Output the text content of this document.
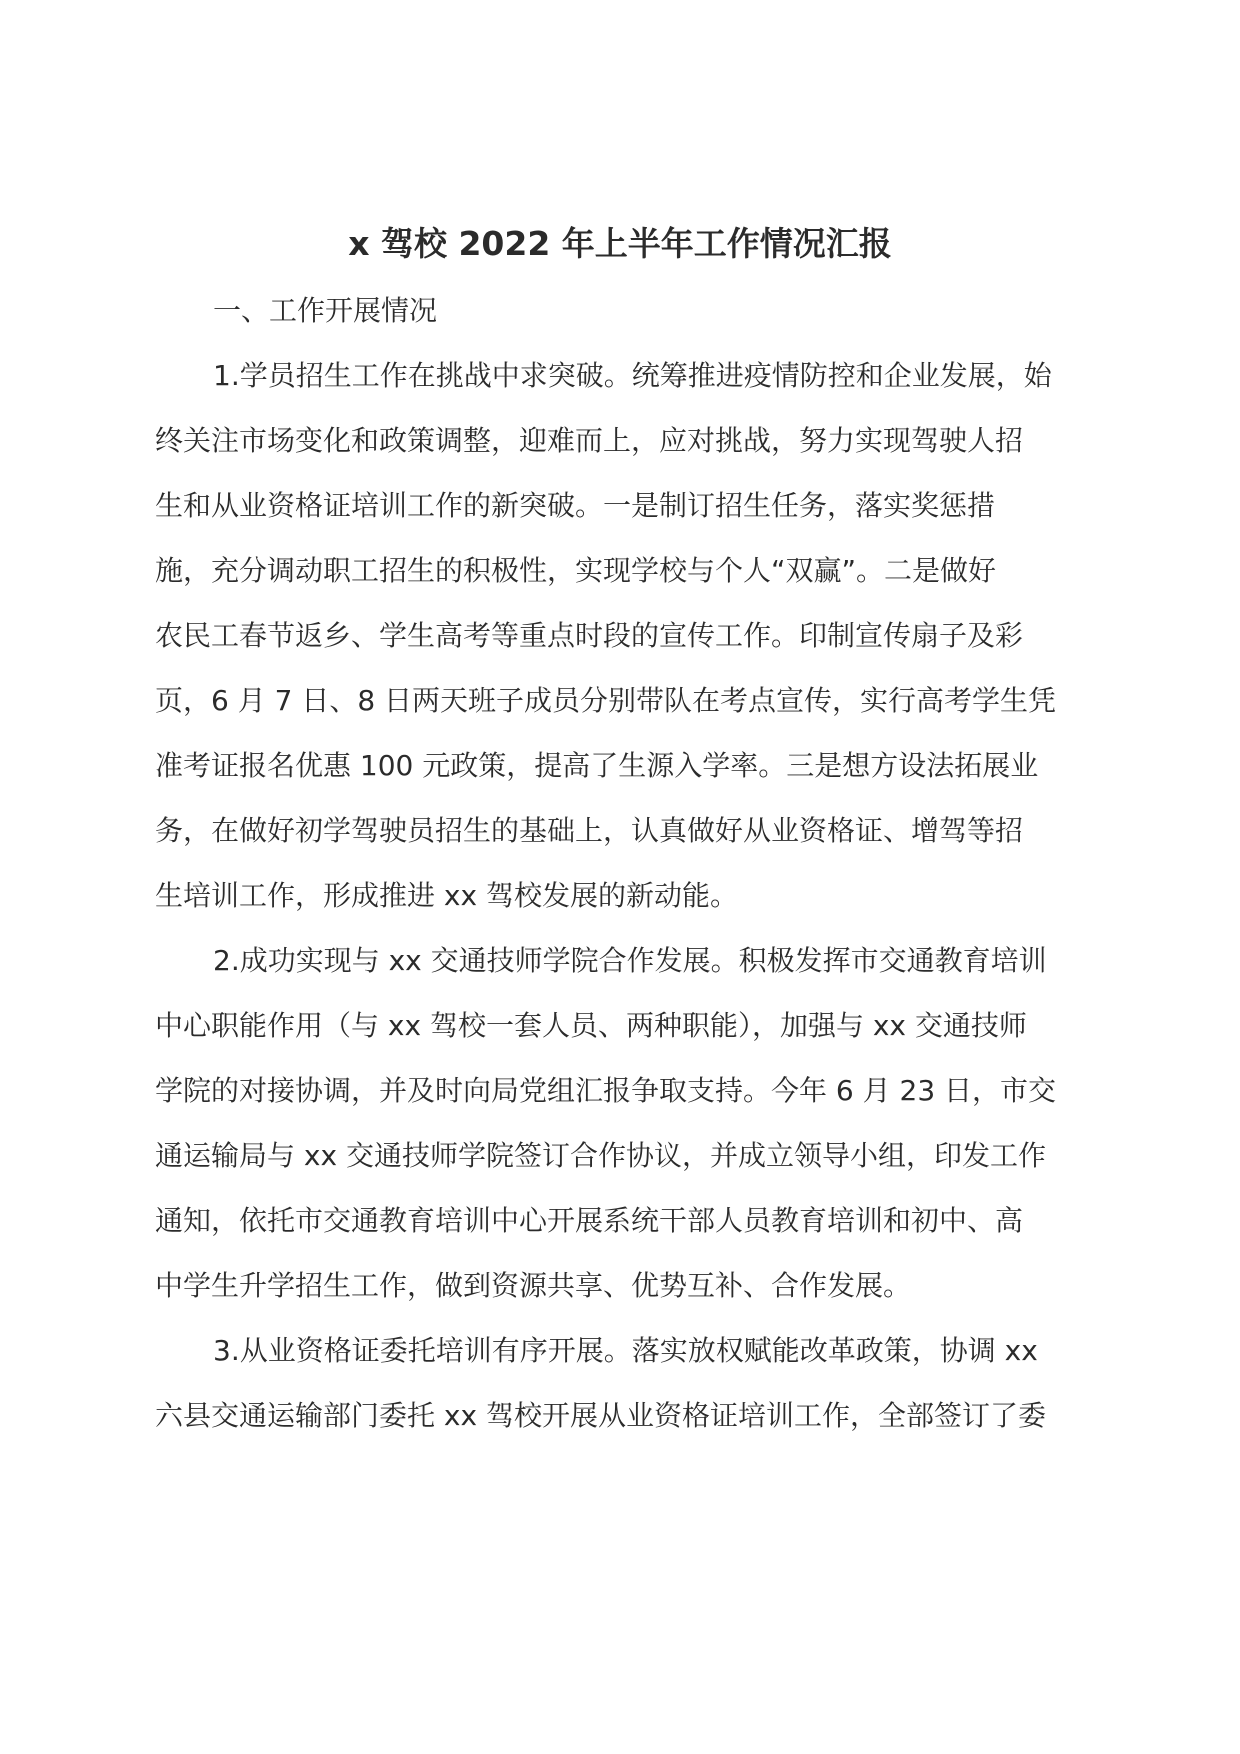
x 驾校 2022 年上半年工作情况汇报
一、工作开展情况
1.学员招生工作在挑战中求突破。统筹推进疫情防控和企业发展，始
终关注市场变化和政策调整，迎难而上，应对挑战，努力实现驾驶人招
生和从业资格证培训工作的新突破。一是制订招生任务，落实奖惩措
施，充分调动职工招生的积极性，实现学校与个人“双赢”。二是做好
农民工春节返乡、学生高考等重点时段的宣传工作。印制宣传扇子及彩
页，6 月 7 日、8 日两天班子成员分别带队在考点宣传，实行高考学生凭
准考证报名优惠 100 元政策，提高了生源入学率。三是想方设法拓展业
务，在做好初学驾驶员招生的基础上，认真做好从业资格证、增驾等招
生培训工作，形成推进 xx 驾校发展的新动能。
2.成功实现与 xx 交通技师学院合作发展。积极发挥市交通教育培训
中心职能作用（与 xx 驾校一套人员、两种职能），加强与 xx 交通技师
学院的对接协调，并及时向局党组汇报争取支持。今年 6 月 23 日，市交
通运输局与 xx 交通技师学院签订合作协议，并成立领导小组，印发工作
通知，依托市交通教育培训中心开展系统干部人员教育培训和初中、高
中学生升学招生工作，做到资源共享、优势互补、合作发展。
3.从业资格证委托培训有序开展。落实放权赋能改革政策，协调 xx
六县交通运输部门委托 xx 驾校开展从业资格证培训工作，全部签订了委
